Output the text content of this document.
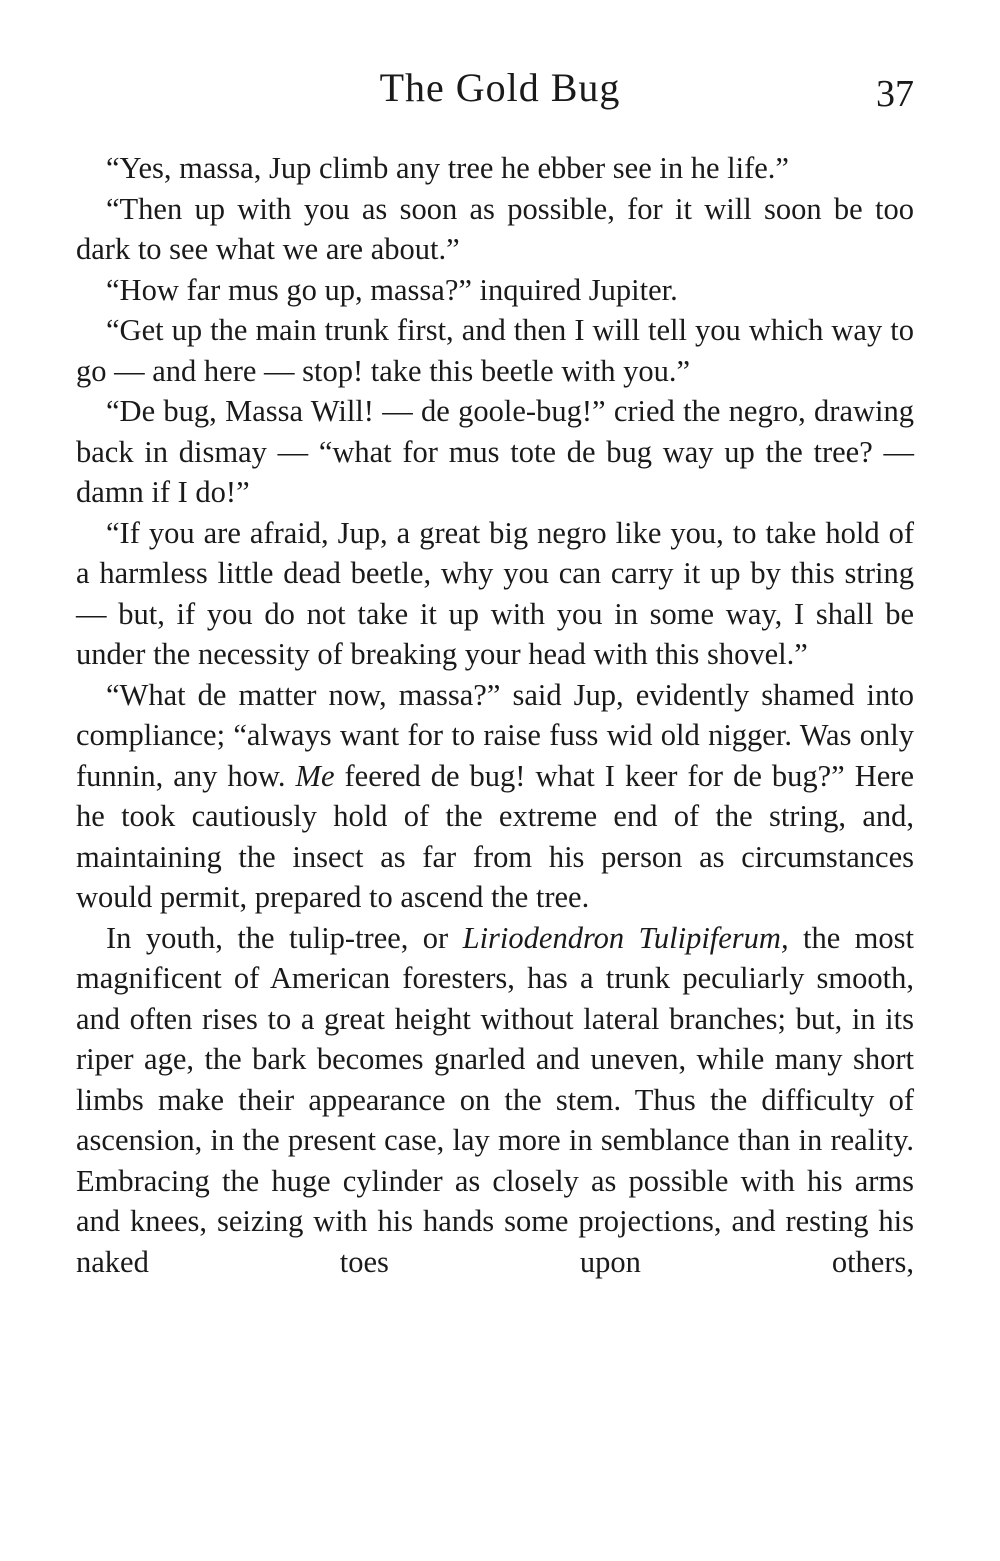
The Gold Bug	37

“Yes, massa, Jup climb any tree he ebber see in he life.”

“Then up with you as soon as possible, for it will soon be too dark to see what we are about.”

“How far mus go up, massa?” inquired Jupiter.

“Get up the main trunk first, and then I will tell you which way to go — and here — stop! take this beetle with you.”

“De bug, Massa Will! — de goole-bug!” cried the negro, drawing back in dismay — “what for mus tote de bug way up the tree? — damn if I do!”

“If you are afraid, Jup, a great big negro like you, to take hold of a harmless little dead beetle, why you can carry it up by this string — but, if you do not take it up with you in some way, I shall be under the necessity of breaking your head with this shovel.”

“What de matter now, massa?” said Jup, evidently shamed into compliance; “always want for to raise fuss wid old nigger. Was only funnin, any how. Me feered de bug! what I keer for de bug?” Here he took cautiously hold of the extreme end of the string, and, maintaining the insect as far from his person as circumstances would permit, prepared to ascend the tree.

In youth, the tulip-tree, or Liriodendron Tulipiferum, the most magnificent of American foresters, has a trunk peculiarly smooth, and often rises to a great height without lateral branches; but, in its riper age, the bark becomes gnarled and uneven, while many short limbs make their appearance on the stem. Thus the difficulty of ascension, in the present case, lay more in semblance than in reality. Embracing the huge cylinder as closely as possible with his arms and knees, seizing with his hands some projections, and resting his naked toes upon others,
